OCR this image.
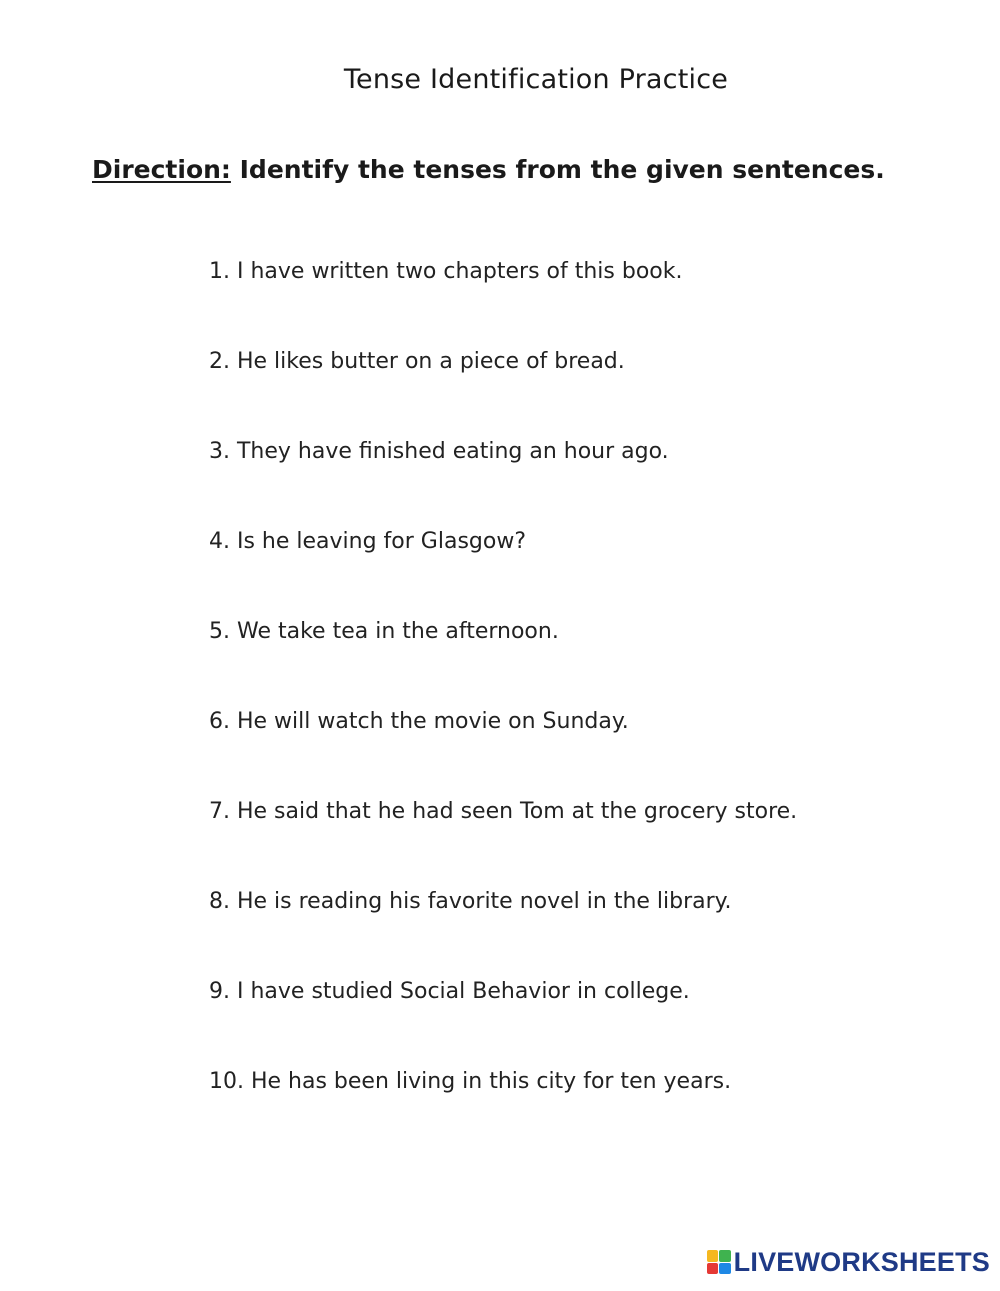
Tense Identification Practice
Direction: Identify the tenses from the given sentences.
1. I have written two chapters of this book.
2. He likes butter on a piece of bread.
3. They have finished eating an hour ago.
4. Is he leaving for Glasgow?
5. We take tea in the afternoon.
6. He will watch the movie on Sunday.
7. He said that he had seen Tom at the grocery store.
8. He is reading his favorite novel in the library.
9. I have studied Social Behavior in college.
10. He has been living in this city for ten years.
LIVEWORKSHEETS
